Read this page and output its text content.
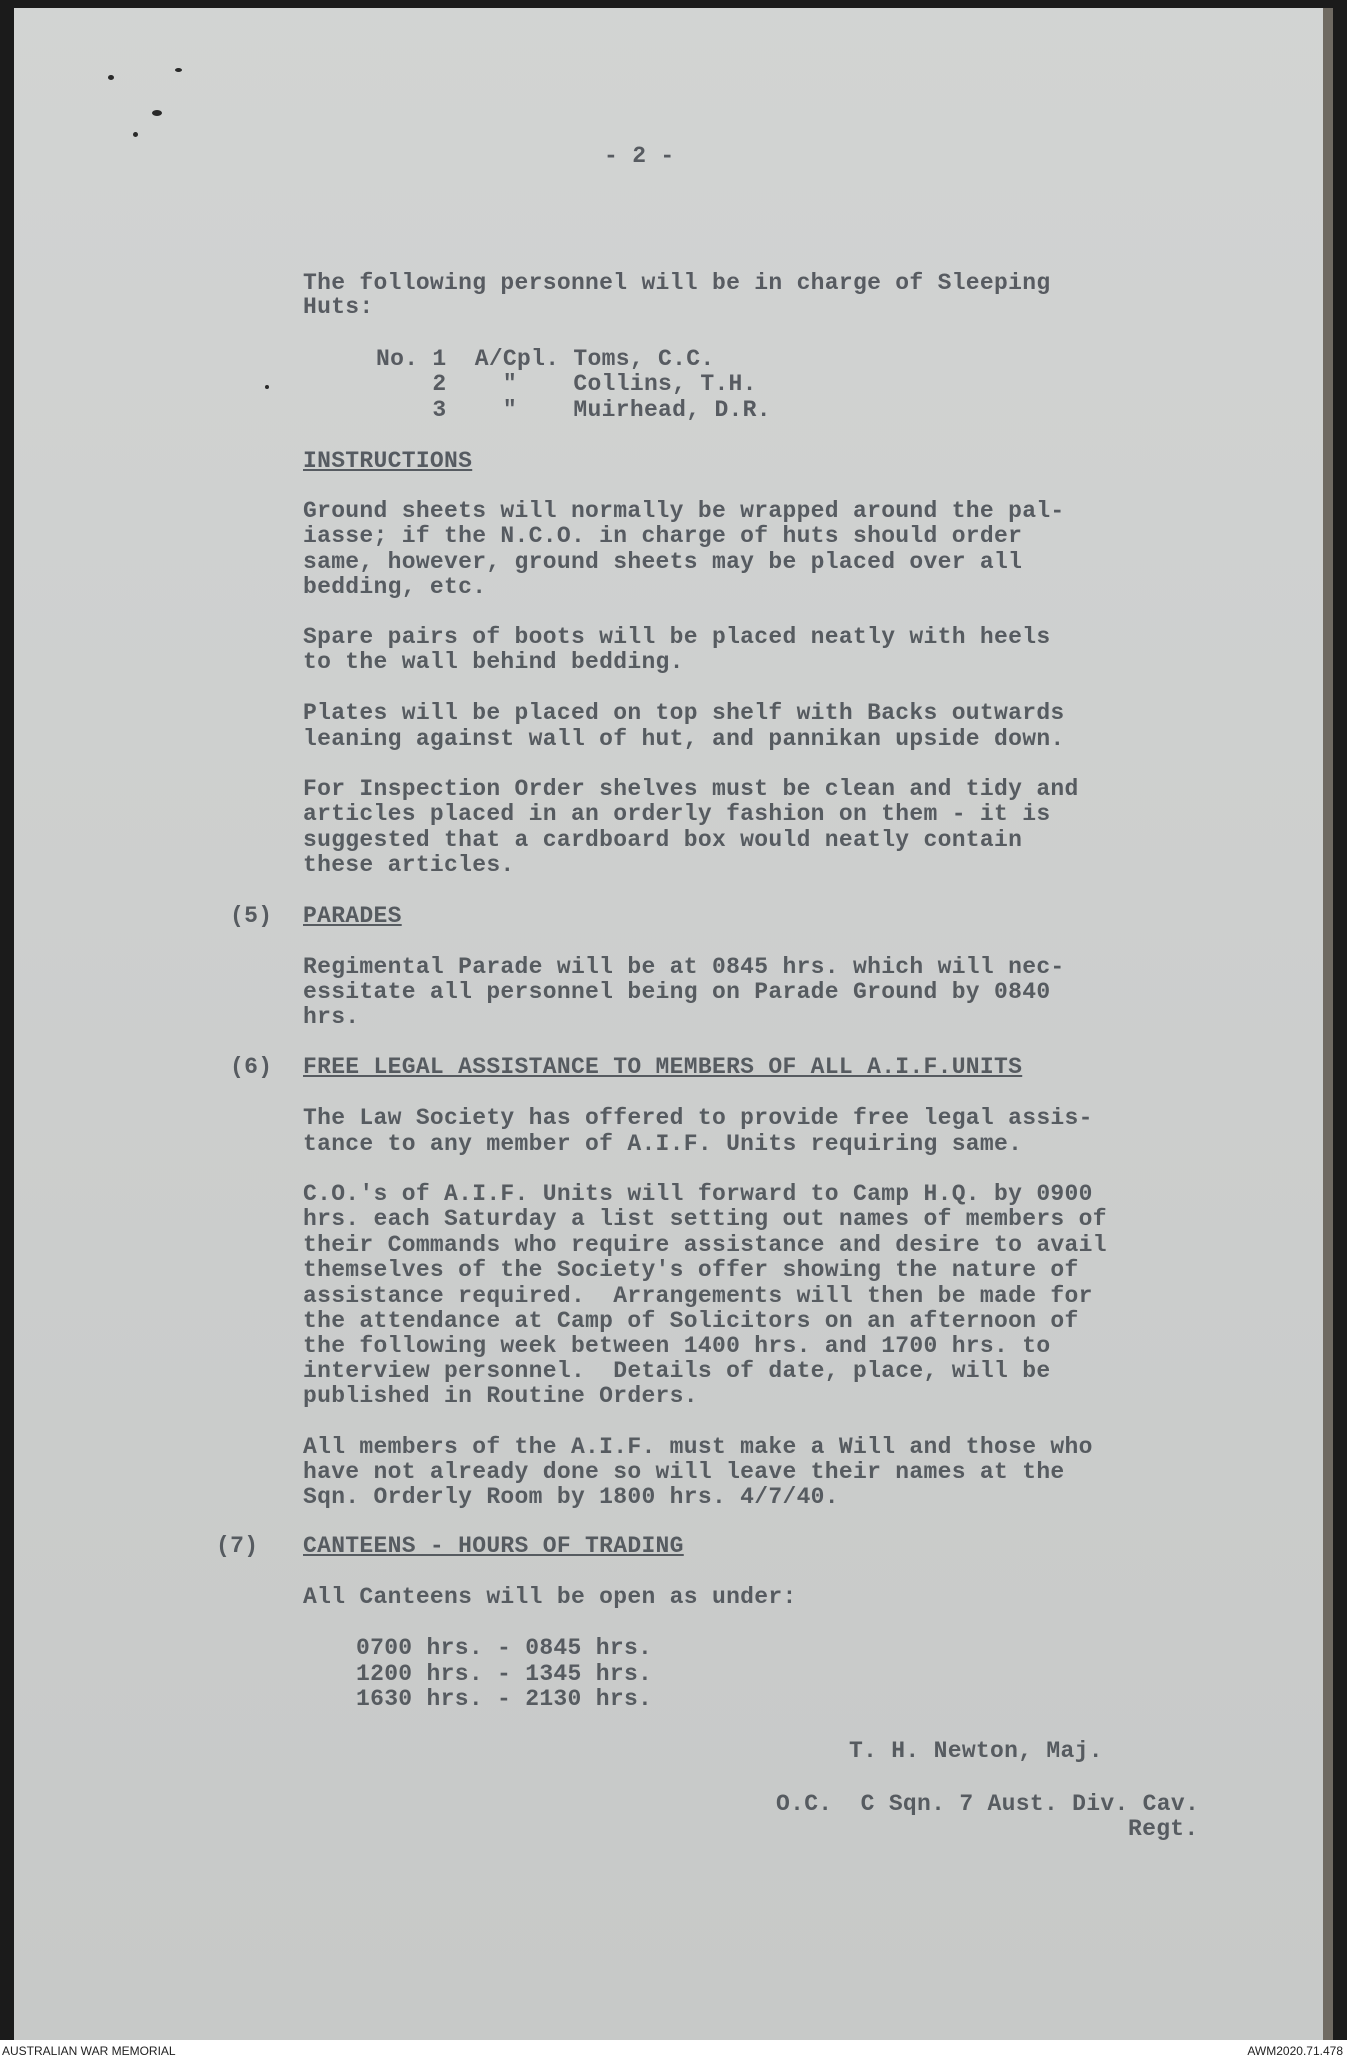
- 2 -
The following personnel will be in charge of Sleeping
Huts:
No. 1  A/Cpl. Toms, C.C.
2    "    Collins, T.H.
3    "    Muirhead, D.R.
INSTRUCTIONS
Ground sheets will normally be wrapped around the pal-
iasse; if the N.C.O. in charge of huts should order
same, however, ground sheets may be placed over all
bedding, etc.
Spare pairs of boots will be placed neatly with heels
to the wall behind bedding.
Plates will be placed on top shelf with Backs outwards
leaning against wall of hut, and pannikan upside down.
For Inspection Order shelves must be clean and tidy and
articles placed in an orderly fashion on them - it is
suggested that a cardboard box would neatly contain
these articles.
(5) PARADES
Regimental Parade will be at 0845 hrs. which will nec-
essitate all personnel being on Parade Ground by 0840
hrs.
(6) FREE LEGAL ASSISTANCE TO MEMBERS OF ALL A.I.F.UNITS
The Law Society has offered to provide free legal assis-
tance to any member of A.I.F. Units requiring same.
C.O.'s of A.I.F. Units will forward to Camp H.Q. by 0900
hrs. each Saturday a list setting out names of members of
their Commands who require assistance and desire to avail
themselves of the Society's offer showing the nature of
assistance required.  Arrangements will then be made for
the attendance at Camp of Solicitors on an afternoon of
the following week between 1400 hrs. and 1700 hrs. to
interview personnel.  Details of date, place, will be
published in Routine Orders.
All members of the A.I.F. must make a Will and those who
have not already done so will leave their names at the
Sqn. Orderly Room by 1800 hrs. 4/7/40.
(7) CANTEENS - HOURS OF TRADING
All Canteens will be open as under:
0700 hrs. - 0845 hrs.
1200 hrs. - 1345 hrs.
1630 hrs. - 2130 hrs.
T. H. Newton, Maj.
O.C.  C Sqn. 7 Aust. Div. Cav.
Regt.
AUSTRALIAN WAR MEMORIAL	AWM2020.71.478
